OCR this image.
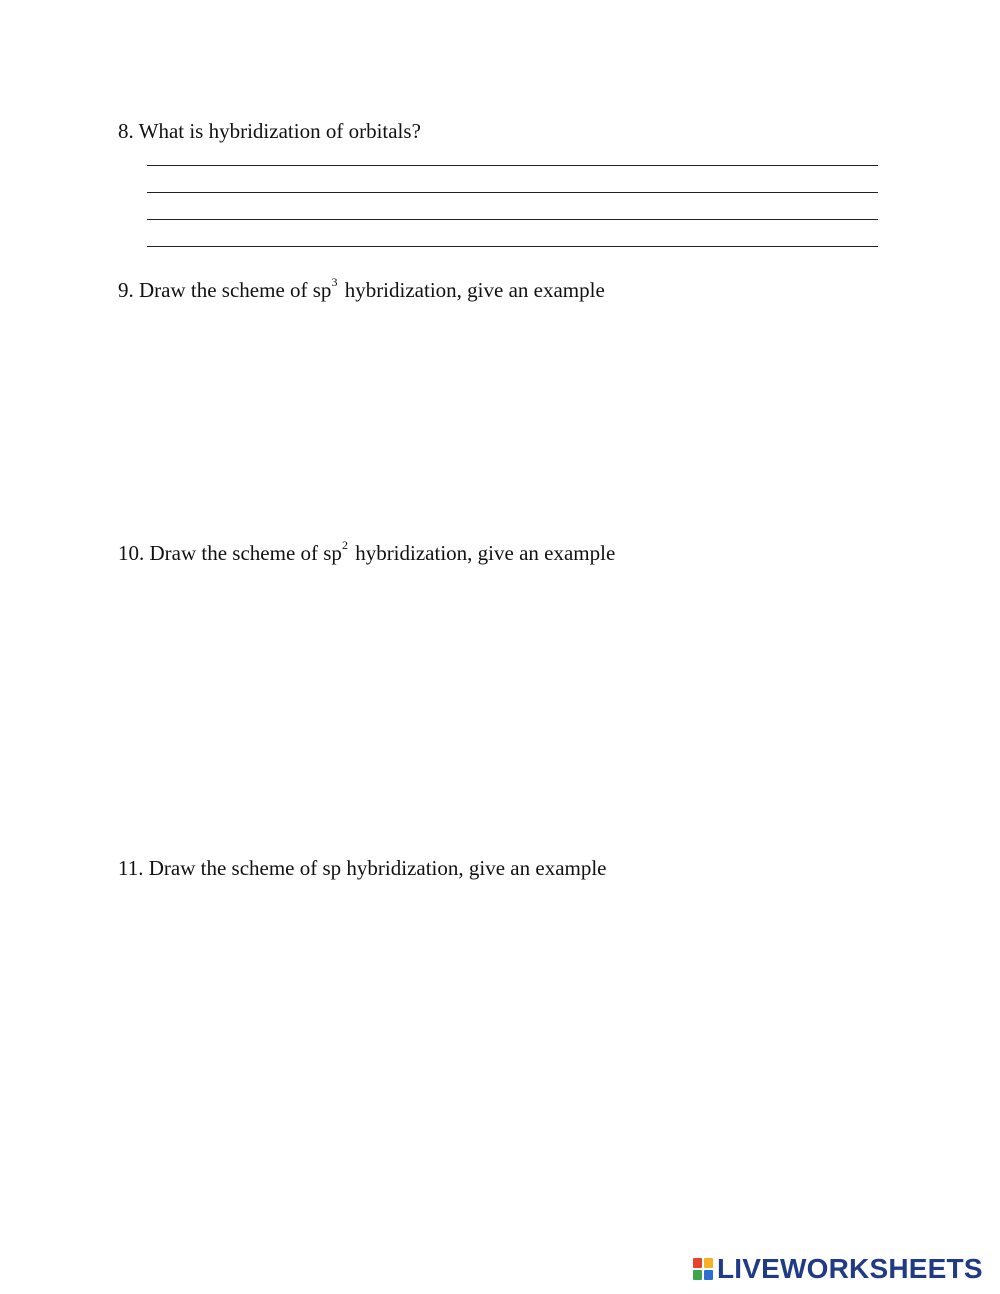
8. What is hybridization of orbitals?
9. Draw the scheme of $sp^3$ hybridization, give an example
10. Draw the scheme of $sp^2$ hybridization, give an example
11. Draw the scheme of sp hybridization, give an example
LIVEWORKSHEETS
